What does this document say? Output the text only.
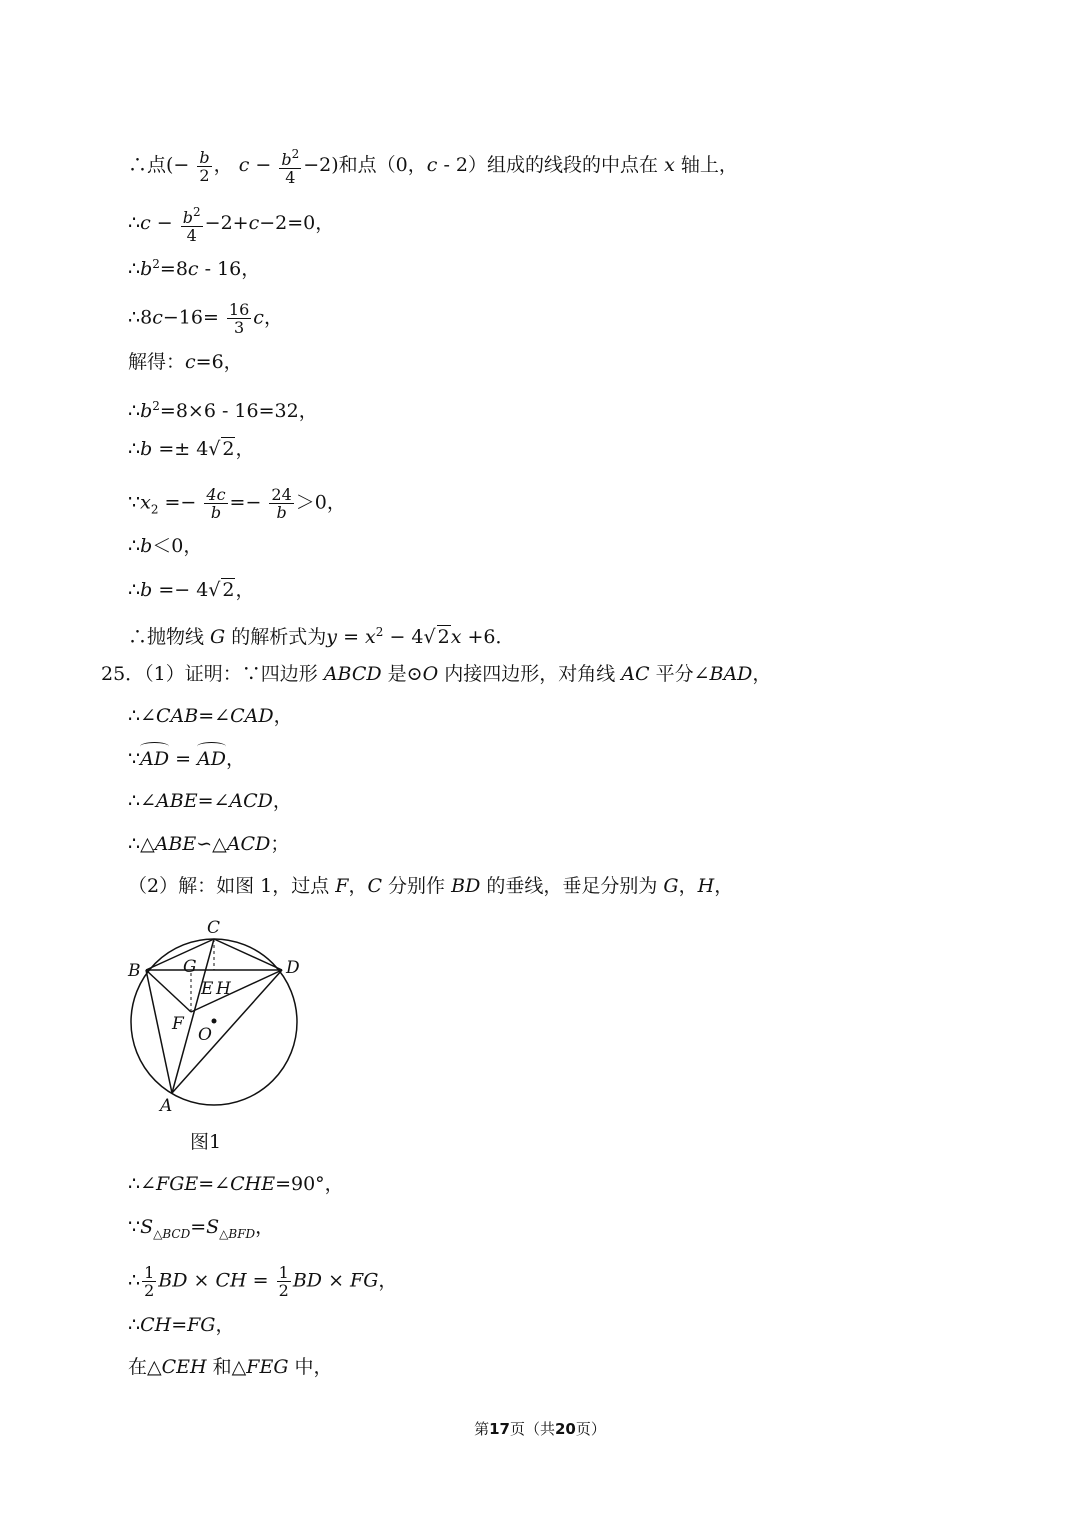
∴点(− $\frac{b}{2}$ ， $c - \frac{b^2}{4} -2$)和点（0，c - 2）组成的线段的中点在 x 轴上，
∴c − $\frac{b^2}{4} -2+c-2=0$，
$\therefore b^2=8c - 16$，
∴8c−16= $\frac{16}{3}$ c，
解得：c=6，
$\therefore b^2=8\times 6 - 16=32$，
∴b =± 4√ 2，
$\because x_2 =- \frac{4c}{b} =- \frac{24}{b} >0$，
∴b＜0，
∴b =− 4√ 2，
∴抛物线 G 的解析式为$y = x^2 - 4√$ 2x +6．
25．（1）证明：∵四边形 ABCD 是⊙O 内接四边形，对角线 AC 平分∠BAD，
∴∠CAB=∠CAD，
∵AD = AD，
∴∠ABE=∠ACD，
∴△ABE∽△ACD；
（2）解：如图 1，过点 F，C 分别作 BD 的垂线，垂足分别为 G，H，
C
B	D
G
E H
F
O
A
图1
∴∠FGE=∠CHE=90°，
$\because S_{\triangle BCD}=S_{\triangle BFD}$，
∴ $\frac{1}{2}$ BD × CH = $\frac{1}{2}$ BD × FG，
∴CH=FG，
在△CEH 和△FEG 中，
第17页（共20页）
